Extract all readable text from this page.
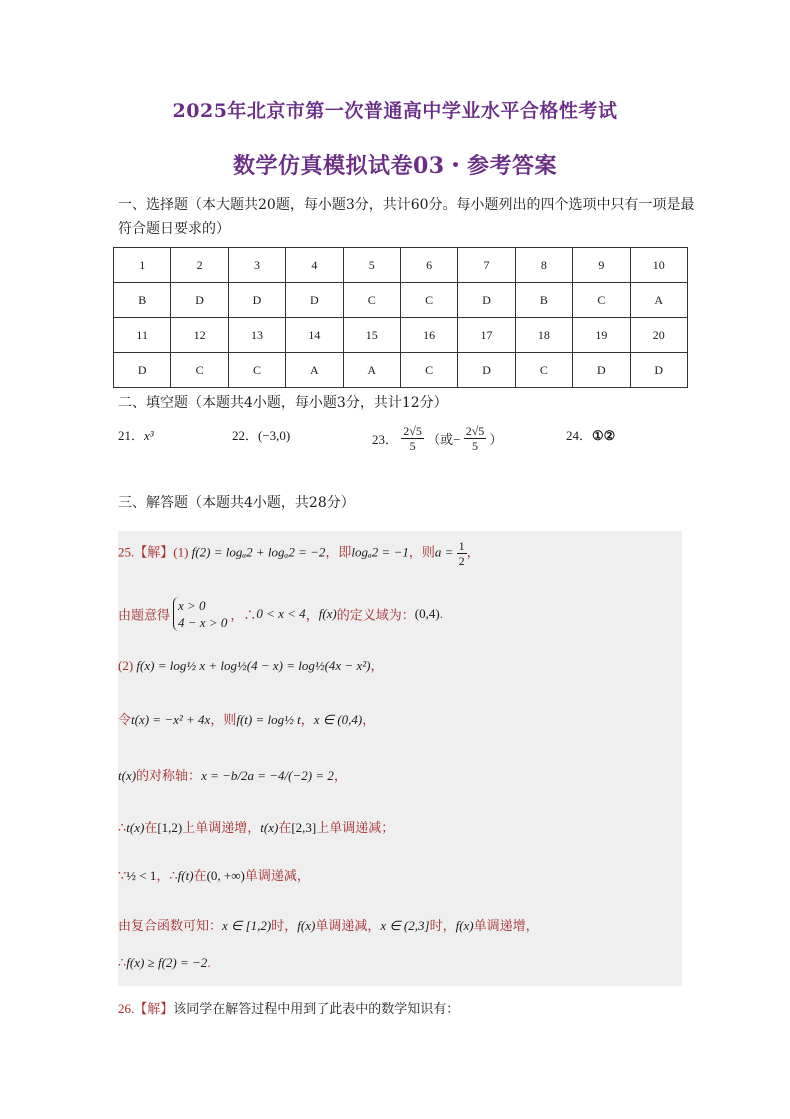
2025年北京市第一次普通高中学业水平合格性考试
数学仿真模拟试卷03・参考答案
一、选择题（本大题共20题，每小题3分，共计60分。每小题列出的四个选项中只有一项是最符合题日要求的）
1	2	3	4	5	6	7	8	9	10
B	D	D	D	C	C	D	B	C	A
11	12	13	14	15	16	17	18	19	20
D	C	C	A	A	C	D	C	D	D
二、填空题（本题共4小题，每小题3分，共计12分）
21．x³	22．(−3,0)	23． $\frac{2√5}{5}$ （或− $\frac{2√5}{5}$ ）	24．①②
三、解答题（本题共4小题，共28分）
25.【解】(1) f(2) = logₐ2 + logₐ2 = −2，即logₐ2 = −1，则$a = \frac{1}{2}$ ，
由题意得x > 0
4 − x > 0 ，∴0 < x < 4，f(x)的定义域为：(0,4).
(2) f(x) = log½ x + log½(4 − x) = log½(4x − x²)，
令t(x) = −x² + 4x，则f(t) = log½ t，x ∈ (0,4)，
t(x)的对称轴：x = −b/2a = −4/(−2) = 2，
∴t(x)在[1,2)上单调递增，t(x)在[2,3]上单调递减；
∵½ < 1，∴f(t)在(0, +∞)单调递减，
由复合函数可知：x ∈ [1,2)时，f(x)单调递减，x ∈ (2,3]时，f(x)单调递增，
∴f(x) ≥ f(2) = −2.
26.【解】该同学在解答过程中用到了此表中的数学知识有：
